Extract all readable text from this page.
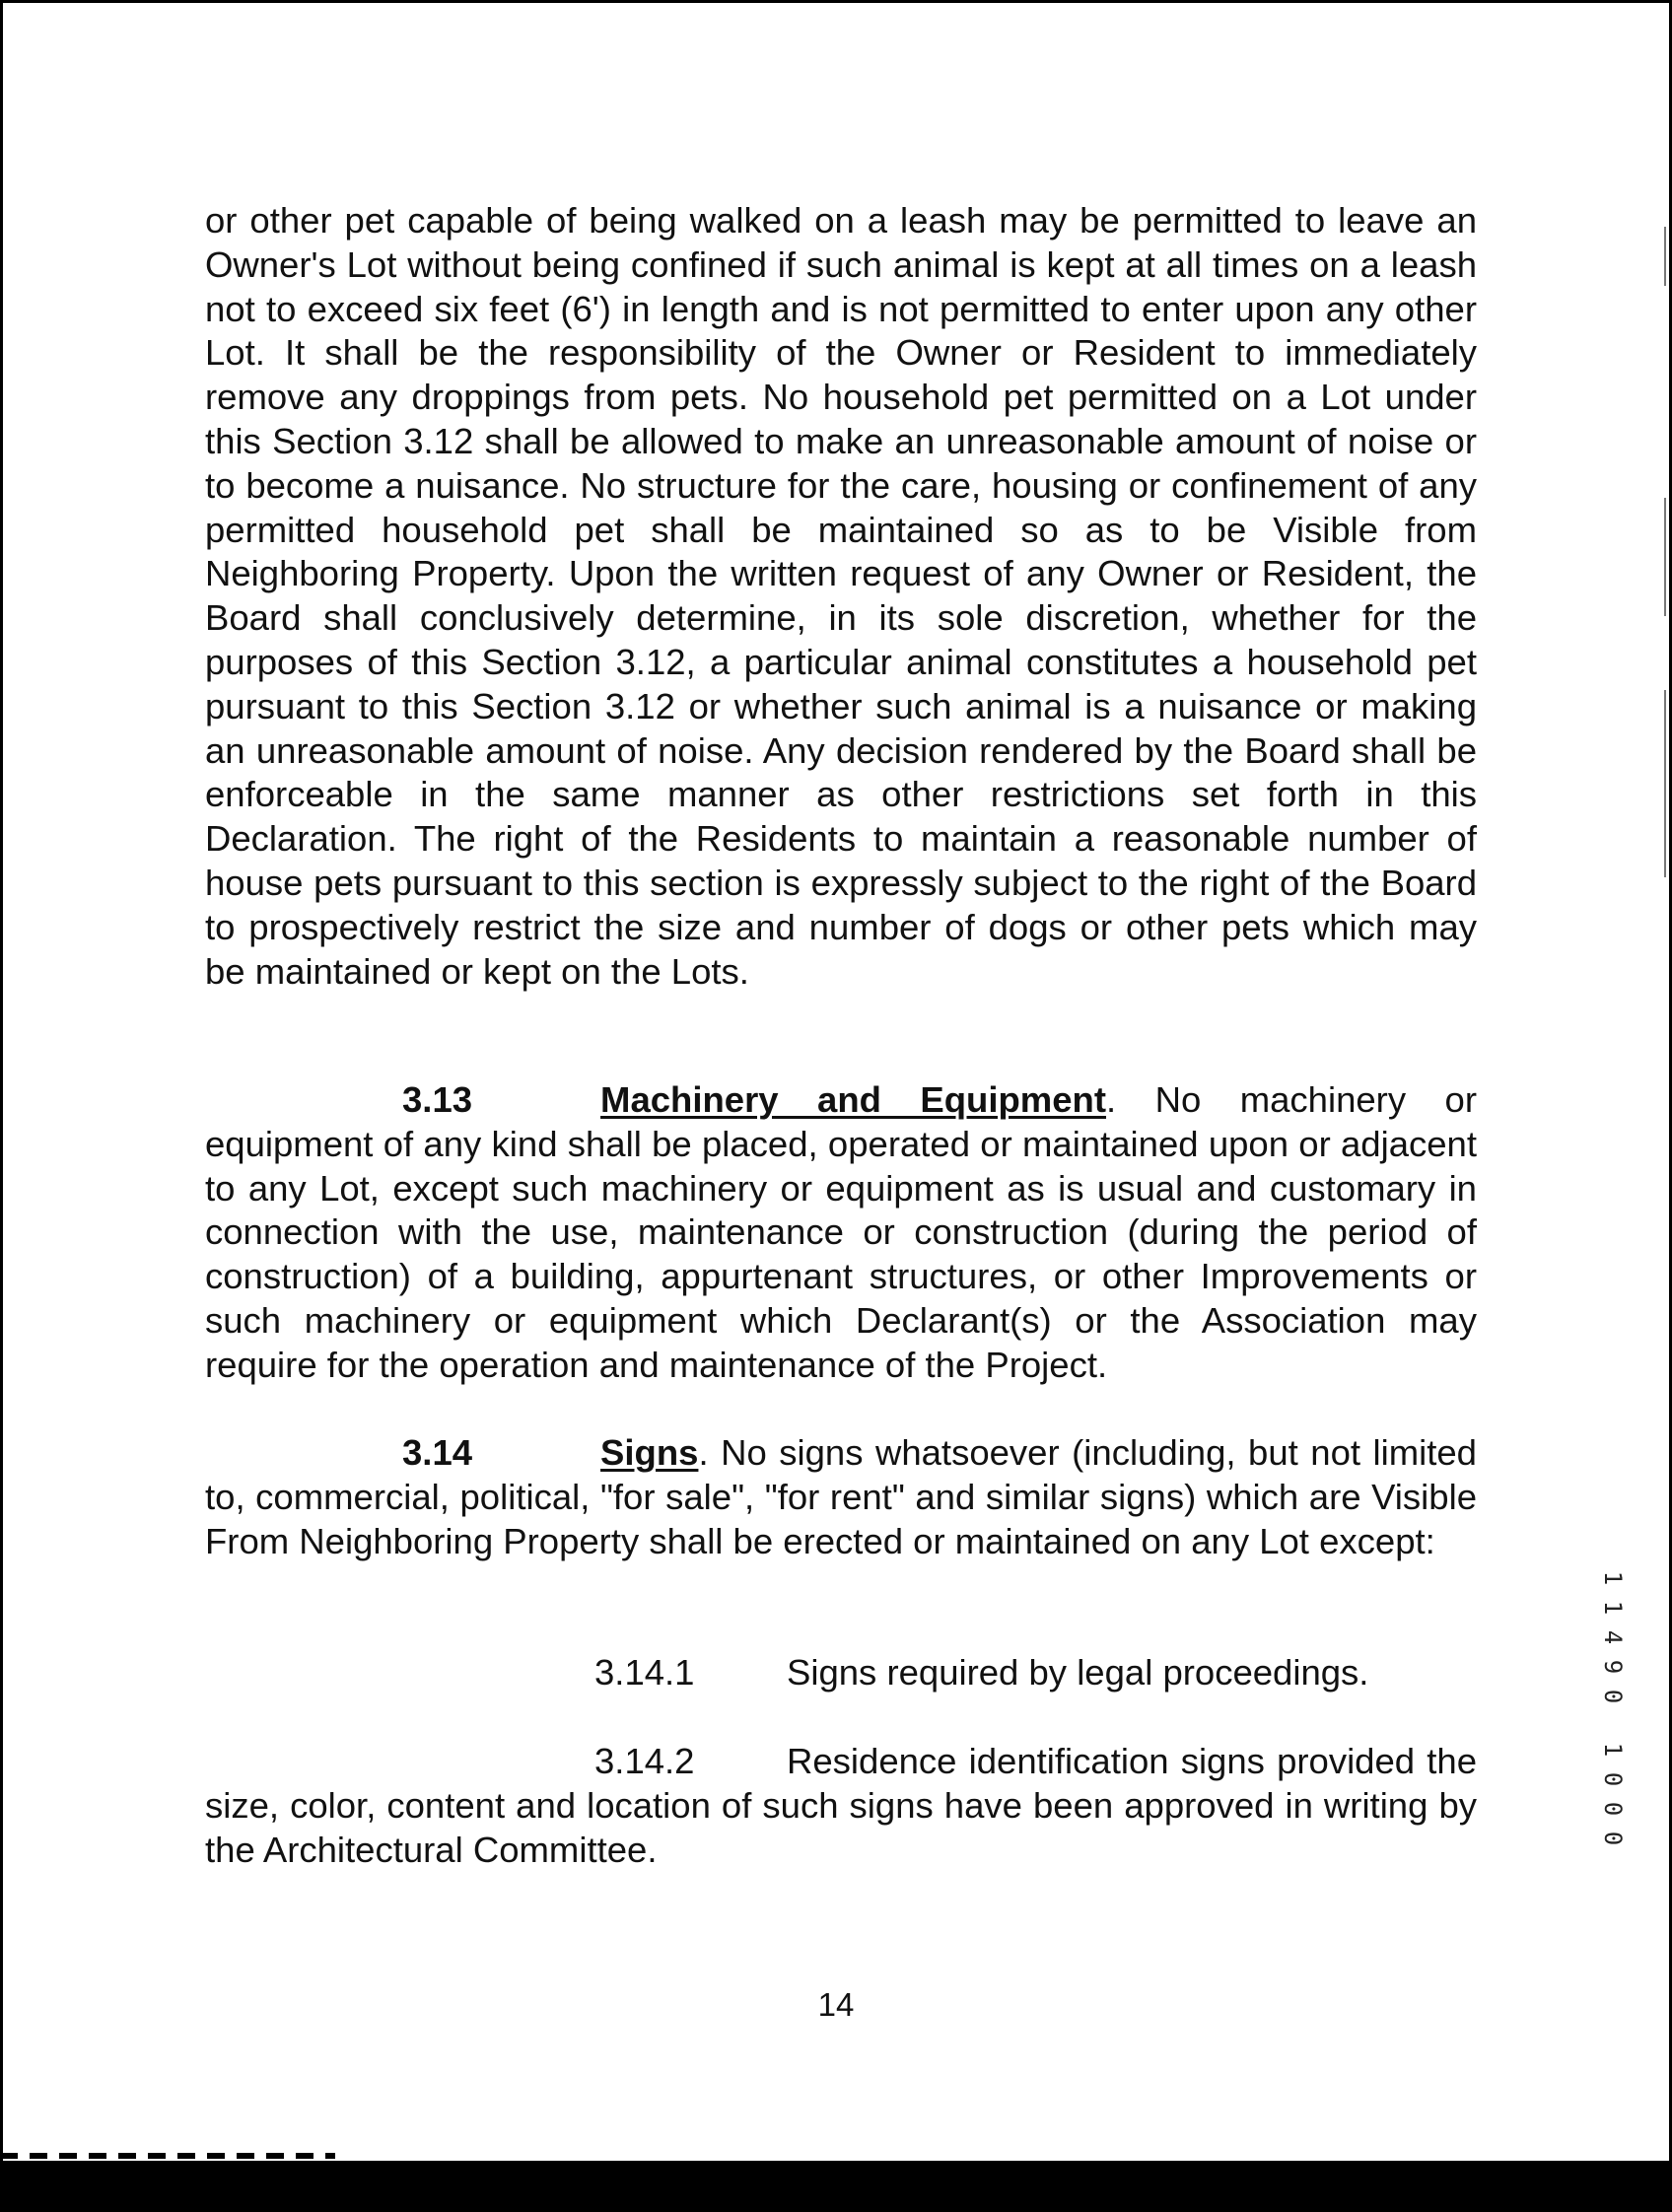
or other pet capable of being walked on a leash may be permitted to leave an Owner's Lot without being confined if such animal is kept at all times on a leash not to exceed six feet (6') in length and is not permitted to enter upon any other Lot. It shall be the responsibility of the Owner or Resident to immediately remove any droppings from pets. No household pet permitted on a Lot under this Section 3.12 shall be allowed to make an unreasonable amount of noise or to become a nuisance. No structure for the care, housing or confinement of any permitted household pet shall be maintained so as to be Visible from Neighboring Property. Upon the written request of any Owner or Resident, the Board shall conclusively determine, in its sole discretion, whether for the purposes of this Section 3.12, a particular animal constitutes a household pet pursuant to this Section 3.12 or whether such animal is a nuisance or making an unreasonable amount of noise. Any decision rendered by the Board shall be enforceable in the same manner as other restrictions set forth in this Declaration. The right of the Residents to maintain a reasonable number of house pets pursuant to this section is expressly subject to the right of the Board to prospectively restrict the size and number of dogs or other pets which may be maintained or kept on the Lots.

3.13	Machinery and Equipment. No machinery or equipment of any kind shall be placed, operated or maintained upon or adjacent to any Lot, except such machinery or equipment as is usual and customary in connection with the use, maintenance or construction (during the period of construction) of a building, appurtenant structures, or other Improvements or such machinery or equipment which Declarant(s) or the Association may require for the operation and maintenance of the Project.

3.14	Signs. No signs whatsoever (including, but not limited to, commercial, political, "for sale", "for rent" and similar signs) which are Visible From Neighboring Property shall be erected or maintained on any Lot except:

3.14.1	Signs required by legal proceedings.

3.14.2	Residence identification signs provided the size, color, content and location of such signs have been approved in writing by the Architectural Committee.

14
1
1
4
9
0
1
0
0
0
